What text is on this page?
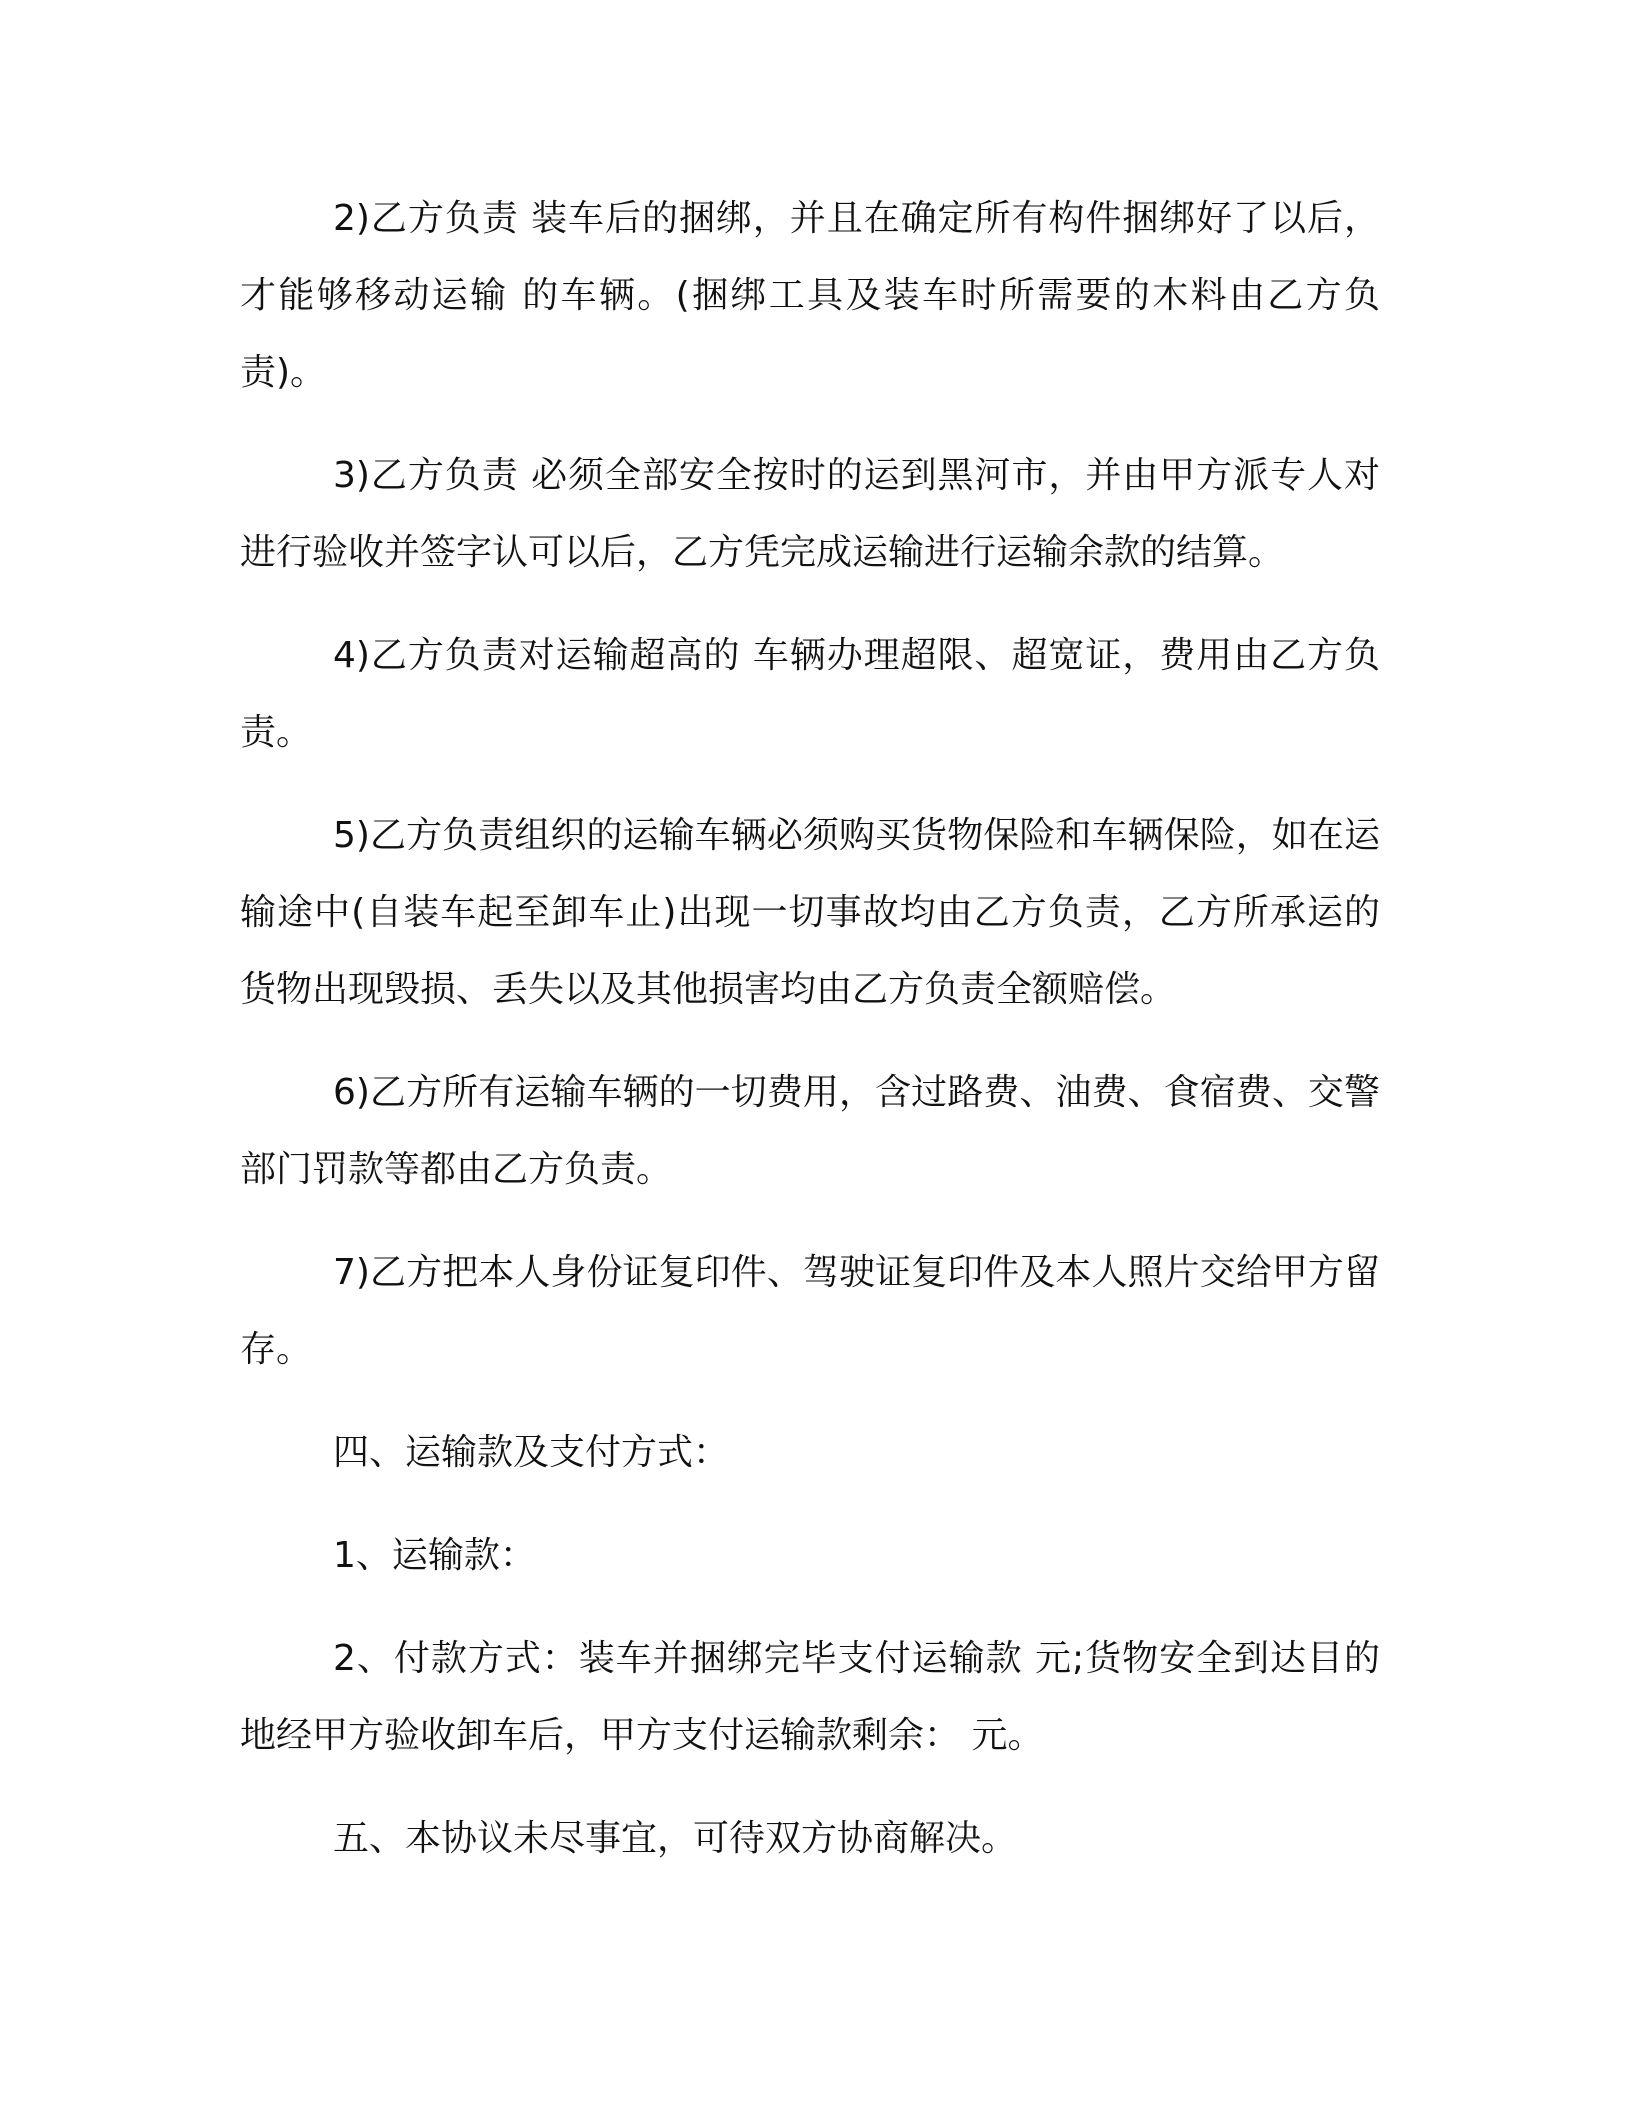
2)乙方负责 装车后的捆绑，并且在确定所有构件捆绑好了以后，才能够移动运输 的车辆。(捆绑工具及装车时所需要的木料由乙方负责)。

3)乙方负责 必须全部安全按时的运到黑河市，并由甲方派专人对进行验收并签字认可以后，乙方凭完成运输进行运输余款的结算。

4)乙方负责对运输超高的 车辆办理超限、超宽证，费用由乙方负责。

5)乙方负责组织的运输车辆必须购买货物保险和车辆保险，如在运输途中(自装车起至卸车止)出现一切事故均由乙方负责，乙方所承运的货物出现毁损、丢失以及其他损害均由乙方负责全额赔偿。

6)乙方所有运输车辆的一切费用，含过路费、油费、食宿费、交警部门罚款等都由乙方负责。

7)乙方把本人身份证复印件、驾驶证复印件及本人照片交给甲方留存。

四、运输款及支付方式：

1、运输款：

2、付款方式：装车并捆绑完毕支付运输款 元;货物安全到达目的地经甲方验收卸车后，甲方支付运输款剩余： 元。

五、本协议未尽事宜，可待双方协商解决。
